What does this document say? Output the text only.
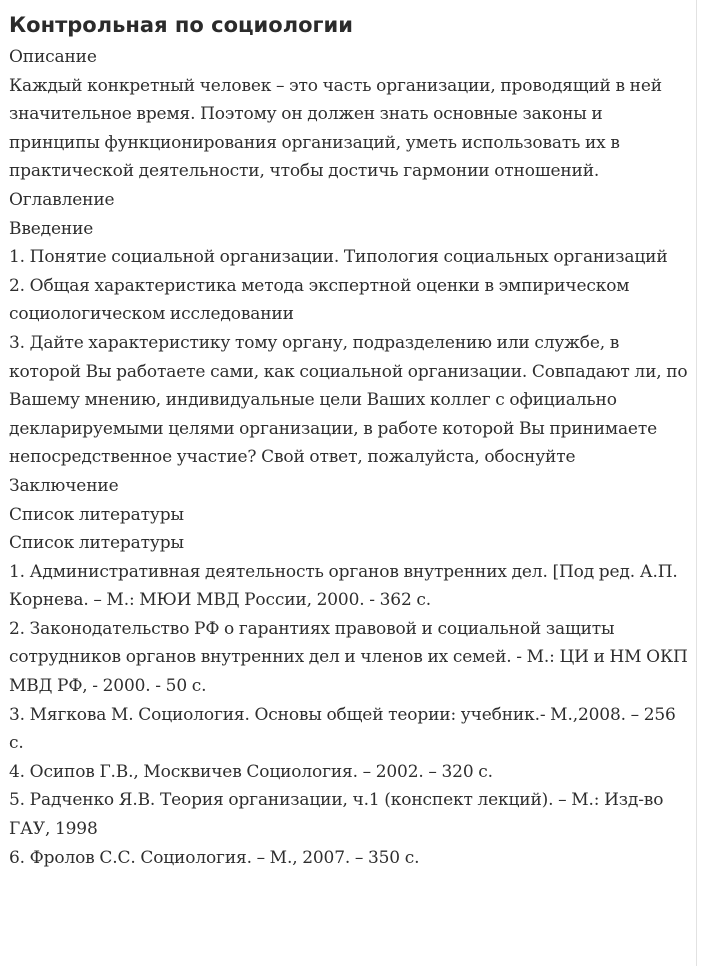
Контрольная по социологии

Описание

Каждый конкретный человек – это часть организации, проводящий в ней значительное время. Поэтому он должен знать основные законы и принципы функционирования организаций, уметь использовать их в практической деятельности, чтобы достичь гармонии отношений.

Оглавление

Введение

1. Понятие социальной организации. Типология социальных организаций

2. Общая характеристика метода экспертной оценки в эмпирическом социологическом исследовании

3. Дайте характеристику тому органу, подразделению или службе, в которой Вы работаете сами, как социальной организации. Совпадают ли, по Вашему мнению, индивидуальные цели Ваших коллег с официально декларируемыми целями организации, в работе которой Вы принимаете непосредственное участие? Свой ответ, пожалуйста, обоснуйте

Заключение

Список литературы

Список литературы

1. Административная деятельность органов внутренних дел. [Под ред. А.П. Корнева. – М.: МЮИ МВД России, 2000. - 362 с.

2. Законодательство РФ о гарантиях правовой и социальной защиты сотрудников органов внутренних дел и членов их семей. - М.: ЦИ и НМ ОКП МВД РФ, - 2000. - 50 с.

3. Мягкова М. Социология. Основы общей теории: учебник.- М.,2008. – 256 с.

4. Осипов Г.В., Москвичев Социология. – 2002. – 320 с.

5. Радченко Я.В. Теория организации, ч.1 (конспект лекций). – М.: Изд-во ГАУ, 1998

6. Фролов С.С. Социология. – М., 2007. – 350 с.
